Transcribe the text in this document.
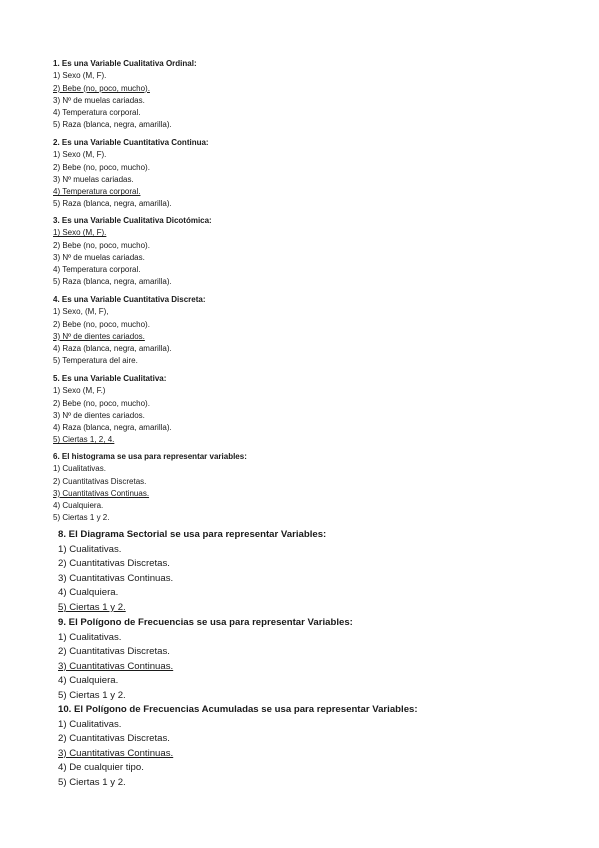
1. Es una Variable Cualitativa Ordinal:

1) Sexo (M, F).

2) Bebe (no, poco, mucho).

3) Nº de muelas cariadas.

4) Temperatura corporal.

5) Raza (blanca, negra, amarilla).

2. Es una Variable Cuantitativa Continua:

1) Sexo (M, F).

2) Bebe (no, poco, mucho).

3) Nº muelas cariadas.

4) Temperatura corporal.

5) Raza (blanca, negra, amarilla).

3. Es una Variable Cualitativa Dicotómica:

1) Sexo (M, F).

2) Bebe (no, poco, mucho).

3) Nº de muelas cariadas.

4) Temperatura corporal.

5) Raza (blanca, negra, amarilla).

4. Es una Variable Cuantitativa Discreta:

1) Sexo, (M, F),

2) Bebe (no, poco, mucho).

3) Nº de dientes cariados.

4) Raza (blanca, negra, amarilla).

5) Temperatura del aire.

5. Es una Variable Cualitativa:

1) Sexo (M, F.)

2) Bebe (no, poco, mucho).

3) Nº de dientes cariados.

4) Raza (blanca, negra, amarilla).

5) Ciertas 1, 2, 4.

6. El histograma se usa para representar variables:

1) Cualitativas.

2) Cuantitativas Discretas.

3) Cuantitativas Continuas.

4) Cualquiera.

5) Ciertas 1 y 2.

8. El Diagrama Sectorial se usa para representar Variables:

1) Cualitativas.

2) Cuantitativas Discretas.

3) Cuantitativas Continuas.

4) Cualquiera.

5) Ciertas 1 y 2.

9. El Polígono de Frecuencias se usa para representar Variables:

1) Cualitativas.

2) Cuantitativas Discretas.

3) Cuantitativas Continuas.

4) Cualquiera.

5) Ciertas 1 y 2.

10. El Polígono de Frecuencias Acumuladas se usa para representar Variables:

1) Cualitativas.

2) Cuantitativas Discretas.

3) Cuantitativas Continuas.

4) De cualquier tipo.

5) Ciertas 1 y 2.
